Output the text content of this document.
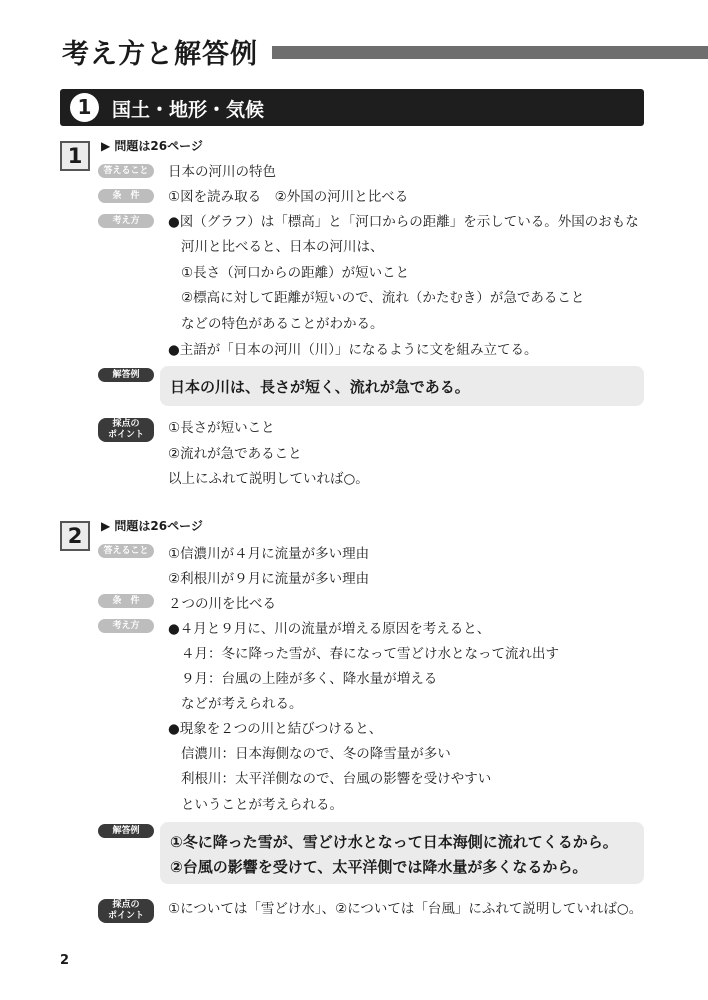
考え方と解答例
1	国土・地形・気候
1	▶ 問題は26ページ
答えること	日本の河川の特色
条　件	①図を読み取る　②外国の河川と比べる
考え方	●図（グラフ）は「標高」と「河口からの距離」を示している。外国のおもな
河川と比べると、日本の河川は、
①長さ（河口からの距離）が短いこと
②標高に対して距離が短いので、流れ（かたむき）が急であること
などの特色があることがわかる。
●主語が「日本の河川（川）」になるように文を組み立てる。
解答例
日本の川は、長さが短く、流れが急である。
採点の
ポイント	①長さが短いこと
②流れが急であること
以上にふれて説明していれば○。
2	▶ 問題は26ページ
答えること	①信濃川が４月に流量が多い理由
②利根川が９月に流量が多い理由
条　件	２つの川を比べる
考え方	●４月と９月に、川の流量が増える原因を考えると、
４月：冬に降った雪が、春になって雪どけ水となって流れ出す
９月：台風の上陸が多く、降水量が増える
などが考えられる。
●現象を２つの川と結びつけると、
信濃川：日本海側なので、冬の降雪量が多い
利根川：太平洋側なので、台風の影響を受けやすい
ということが考えられる。
解答例
①冬に降った雪が、雪どけ水となって日本海側に流れてくるから。
②台風の影響を受けて、太平洋側では降水量が多くなるから。
採点の
ポイント	①については「雪どけ水」、②については「台風」にふれて説明していれば○。
2
